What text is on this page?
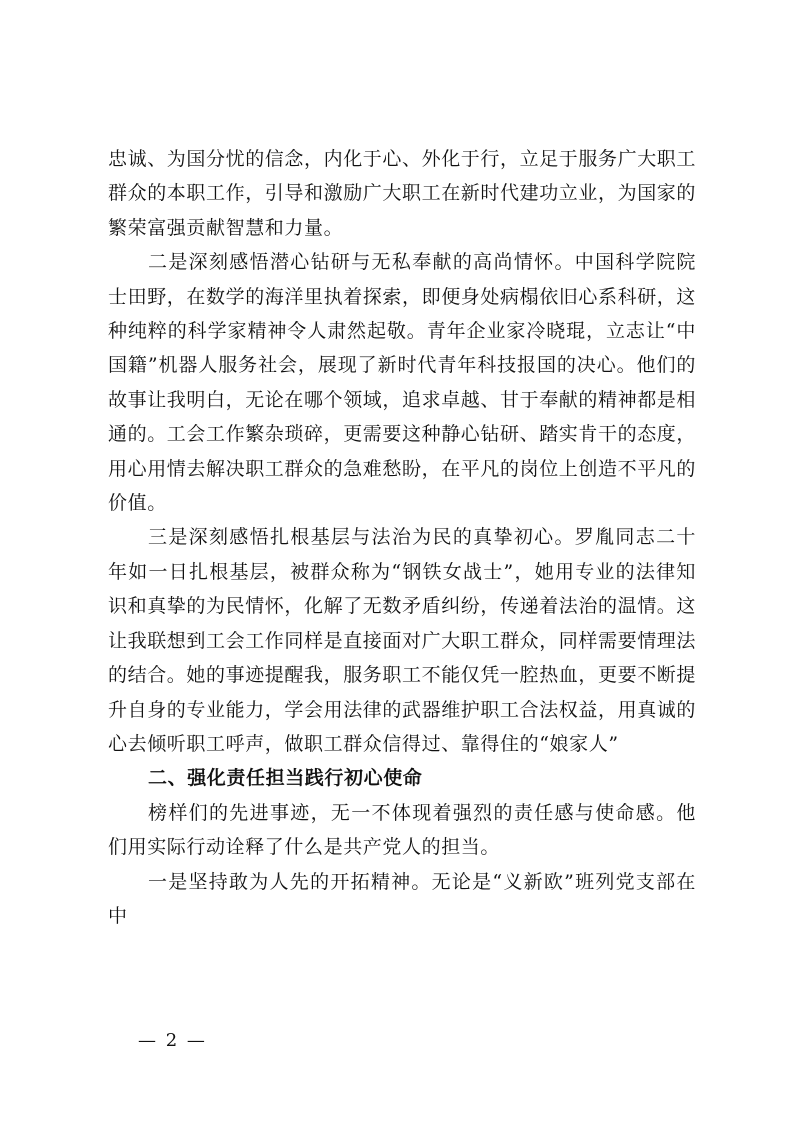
忠诚、为国分忧的信念，内化于心、外化于行，立足于服务广大职工群众的本职工作，引导和激励广大职工在新时代建功立业，为国家的繁荣富强贡献智慧和力量。

二是深刻感悟潜心钻研与无私奉献的高尚情怀。中国科学院院士田野，在数学的海洋里执着探索，即便身处病榻依旧心系科研，这种纯粹的科学家精神令人肃然起敬。青年企业家冷晓琨，立志让“中国籍”机器人服务社会，展现了新时代青年科技报国的决心。他们的故事让我明白，无论在哪个领域，追求卓越、甘于奉献的精神都是相通的。工会工作繁杂琐碎，更需要这种静心钻研、踏实肯干的态度，用心用情去解决职工群众的急难愁盼，在平凡的岗位上创造不平凡的价值。

三是深刻感悟扎根基层与法治为民的真挚初心。罗胤同志二十年如一日扎根基层，被群众称为“钢铁女战士”，她用专业的法律知识和真挚的为民情怀，化解了无数矛盾纠纷，传递着法治的温情。这让我联想到工会工作同样是直接面对广大职工群众，同样需要情理法的结合。她的事迹提醒我，服务职工不能仅凭一腔热血，更要不断提升自身的专业能力，学会用法律的武器维护职工合法权益，用真诚的心去倾听职工呼声，做职工群众信得过、靠得住的“娘家人”

二、强化责任担当践行初心使命

榜样们的先进事迹，无一不体现着强烈的责任感与使命感。他们用实际行动诠释了什么是共产党人的担当。

一是坚持敢为人先的开拓精神。无论是“义新欧”班列党支部在中

— 2 —
